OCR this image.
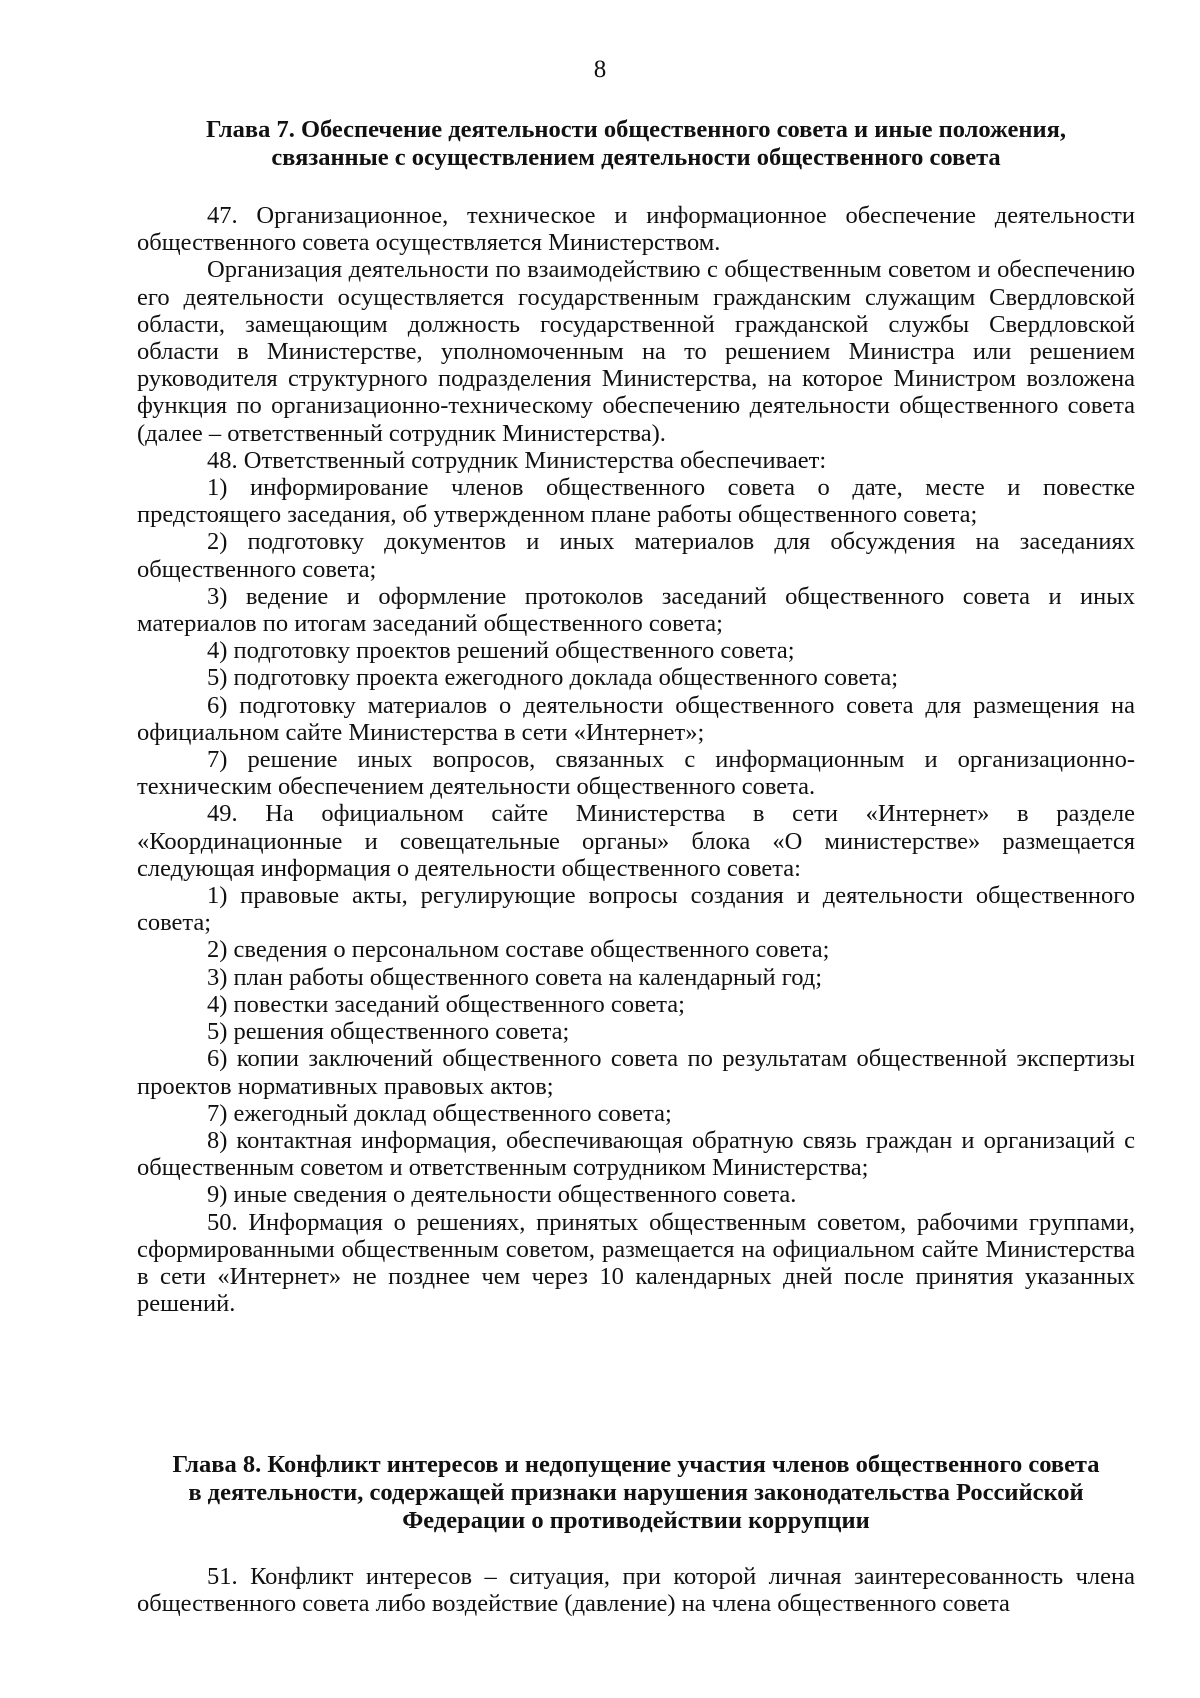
8
Глава 7. Обеспечение деятельности общественного совета и иные положения,
связанные с осуществлением деятельности общественного совета

47. Организационное, техническое и информационное обеспечение деятельности общественного совета осуществляется Министерством.

Организация деятельности по взаимодействию с общественным советом и обеспечению его деятельности осуществляется государственным гражданским служащим Свердловской области, замещающим должность государственной гражданской службы Свердловской области в Министерстве, уполномоченным на то решением Министра или решением руководителя структурного подразделения Министерства, на которое Министром возложена функция по организационно-техническому обеспечению деятельности общественного совета (далее – ответственный сотрудник Министерства).

48. Ответственный сотрудник Министерства обеспечивает:

1) информирование членов общественного совета о дате, месте и повестке предстоящего заседания, об утвержденном плане работы общественного совета;

2) подготовку документов и иных материалов для обсуждения на заседаниях общественного совета;

3) ведение и оформление протоколов заседаний общественного совета и иных материалов по итогам заседаний общественного совета;

4) подготовку проектов решений общественного совета;

5) подготовку проекта ежегодного доклада общественного совета;

6) подготовку материалов о деятельности общественного совета для размещения на официальном сайте Министерства в сети «Интернет»;

7) решение иных вопросов, связанных с информационным и организационно-техническим обеспечением деятельности общественного совета.

49. На официальном сайте Министерства в сети «Интернет» в разделе «Координационные и совещательные органы» блока «О министерстве» размещается следующая информация о деятельности общественного совета:

1) правовые акты, регулирующие вопросы создания и деятельности общественного совета;

2) сведения о персональном составе общественного совета;

3) план работы общественного совета на календарный год;

4) повестки заседаний общественного совета;

5) решения общественного совета;

6) копии заключений общественного совета по результатам общественной экспертизы проектов нормативных правовых актов;

7) ежегодный доклад общественного совета;

8) контактная информация, обеспечивающая обратную связь граждан и организаций с общественным советом и ответственным сотрудником Министерства;

9) иные сведения о деятельности общественного совета.

50. Информация о решениях, принятых общественным советом, рабочими группами, сформированными общественным советом, размещается на официальном сайте Министерства в сети «Интернет» не позднее чем через 10 календарных дней после принятия указанных решений.

Глава 8. Конфликт интересов и недопущение участия членов общественного совета
в деятельности, содержащей признаки нарушения законодательства Российской
Федерации о противодействии коррупции

51. Конфликт интересов – ситуация, при которой личная заинтересованность члена общественного совета либо воздействие (давление) на члена общественного совета
